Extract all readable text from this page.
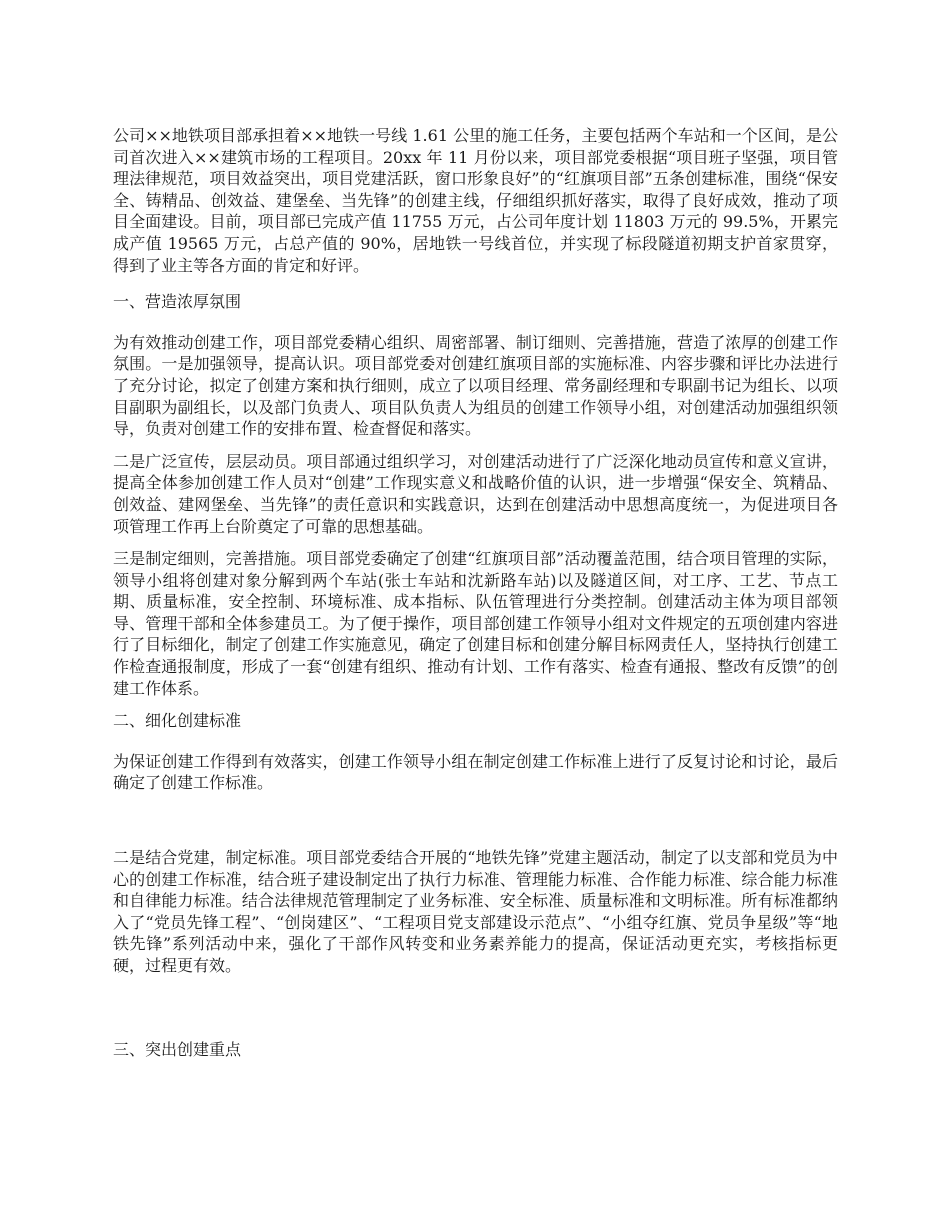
公司××地铁项目部承担着××地铁一号线 1.61 公里的施工任务，主要包括两个车站和一个区间，是公司首次进入××建筑市场的工程项目。20xx 年 11 月份以来，项目部党委根据“项目班子坚强，项目管理法律规范，项目效益突出，项目党建活跃，窗口形象良好”的“红旗项目部”五条创建标准，围绕“保安全、铸精品、创效益、建堡垒、当先锋”的创建主线，仔细组织抓好落实，取得了良好成效，推动了项目全面建设。目前，项目部已完成产值 11755 万元，占公司年度计划 11803 万元的 99.5%，开累完成产值 19565 万元，占总产值的 90%，居地铁一号线首位，并实现了标段隧道初期支护首家贯穿，得到了业主等各方面的肯定和好评。

一、营造浓厚氛围

为有效推动创建工作，项目部党委精心组织、周密部署、制订细则、完善措施，营造了浓厚的创建工作氛围。一是加强领导，提高认识。项目部党委对创建红旗项目部的实施标准、内容步骤和评比办法进行了充分讨论，拟定了创建方案和执行细则，成立了以项目经理、常务副经理和专职副书记为组长、以项目副职为副组长，以及部门负责人、项目队负责人为组员的创建工作领导小组，对创建活动加强组织领导，负责对创建工作的安排布置、检查督促和落实。

二是广泛宣传，层层动员。项目部通过组织学习，对创建活动进行了广泛深化地动员宣传和意义宣讲，提高全体参加创建工作人员对“创建”工作现实意义和战略价值的认识，进一步增强“保安全、筑精品、创效益、建网堡垒、当先锋”的责任意识和实践意识，达到在创建活动中思想高度统一，为促进项目各项管理工作再上台阶奠定了可靠的思想基础。

三是制定细则，完善措施。项目部党委确定了创建“红旗项目部”活动覆盖范围，结合项目管理的实际，领导小组将创建对象分解到两个车站(张士车站和沈新路车站)以及隧道区间，对工序、工艺、节点工期、质量标准，安全控制、环境标准、成本指标、队伍管理进行分类控制。创建活动主体为项目部领导、管理干部和全体参建员工。为了便于操作，项目部创建工作领导小组对文件规定的五项创建内容进行了目标细化，制定了创建工作实施意见，确定了创建目标和创建分解目标网责任人，坚持执行创建工作检查通报制度，形成了一套“创建有组织、推动有计划、工作有落实、检查有通报、整改有反馈”的创建工作体系。

二、细化创建标准

为保证创建工作得到有效落实，创建工作领导小组在制定创建工作标准上进行了反复讨论和讨论，最后确定了创建工作标准。

二是结合党建，制定标准。项目部党委结合开展的“地铁先锋”党建主题活动，制定了以支部和党员为中心的创建工作标准，结合班子建设制定出了执行力标准、管理能力标准、合作能力标准、综合能力标准和自律能力标准。结合法律规范管理制定了业务标准、安全标准、质量标准和文明标准。所有标准都纳入了“党员先锋工程”、“创岗建区”、“工程项目党支部建设示范点”、“小组夺红旗、党员争星级”等“地铁先锋”系列活动中来，强化了干部作风转变和业务素养能力的提高，保证活动更充实，考核指标更硬，过程更有效。

三、突出创建重点
